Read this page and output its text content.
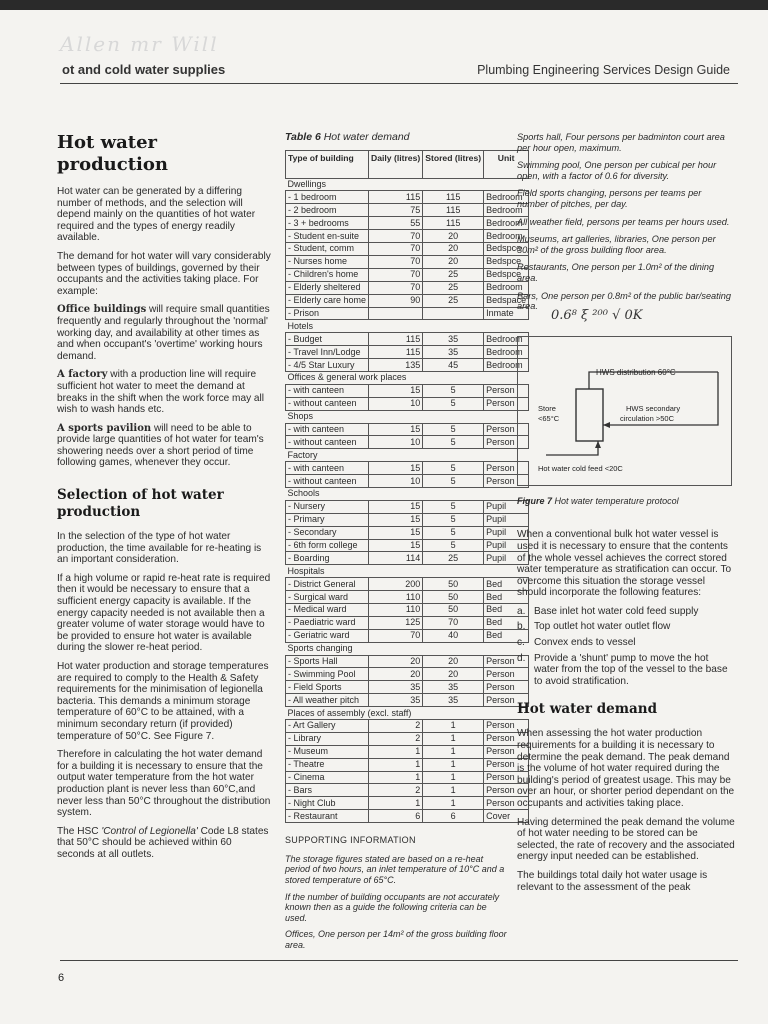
Allen mr Will
ot and cold water supplies	Plumbing Engineering Services Design Guide
Hot water production

Hot water can be generated by a differing number of methods, and the selection will depend mainly on the quantities of hot water required and the types of energy readily available.

The demand for hot water will vary considerably between types of buildings, governed by their occupants and the activities taking place. For example:

Office buildings will require small quantities frequently and regularly throughout the 'normal' working day, and availability at other times as and when occupant's 'overtime' working hours demand.

A factory with a production line will require sufficient hot water to meet the demand at breaks in the shift when the work force may all wish to wash hands etc.

A sports pavilion will need to be able to provide large quantities of hot water for team's showering needs over a short period of time following games, whenever they occur.

Selection of hot water production

In the selection of the type of hot water production, the time available for re-heating is an important consideration.

If a high volume or rapid re-heat rate is required then it would be necessary to ensure that a sufficient energy capacity is available. If the energy capacity needed is not available then a greater volume of water storage would have to be provided to ensure hot water is available during the slower re-heat period.

Hot water production and storage temperatures are required to comply to the Health & Safety requirements for the minimisation of legionella bacteria. This demands a minimum storage temperature of 60°C to be attained, with a minimum secondary return (if provided) temperature of 50°C. See Figure 7.

Therefore in calculating the hot water demand for a building it is necessary to ensure that the output water temperature from the hot water production plant is never less than 60°C,and never less than 50°C throughout the distribution system.

The HSC 'Control of Legionella' Code L8 states that 50°C should be achieved within 60 seconds at all outlets.

Table 6 Hot water demand
Type of building	Daily (litres)	Stored (litres)	Unit
Dwellings			
- 1 bedroom	115	115	Bedroom
- 2 bedroom	75	115	Bedroom
- 3 + bedrooms	55	115	Bedroom
- Student en-suite	70	20	Bedroom
- Student, comm	70	20	Bedspce
- Nurses home	70	20	Bedspce
- Children's home	70	25	Bedspce
- Elderly sheltered	70	25	Bedroom
- Elderly care home	90	25	Bedspace
- Prison			Inmate
Hotels			
- Budget	115	35	Bedroom
- Travel Inn/Lodge	115	35	Bedroom
- 4/5 Star Luxury	135	45	Bedroom
Offices & general work places			
- with canteen	15	5	Person
- without canteen	10	5	Person
Shops			
- with canteen	15	5	Person
- without canteen	10	5	Person
Factory			
- with canteen	15	5	Person
- without canteen	10	5	Person
Schools			
- Nursery	15	5	Pupil
- Primary	15	5	Pupil
- Secondary	15	5	Pupil
- 6th form college	15	5	Pupil
- Boarding	114	25	Pupil
Hospitals			
- District General	200	50	Bed
- Surgical ward	110	50	Bed
- Medical ward	110	50	Bed
- Paediatric ward	125	70	Bed
- Geriatric ward	70	40	Bed
Sports changing			
- Sports Hall	20	20	Person
- Swimming Pool	20	20	Person
- Field Sports	35	35	Person
- All weather pitch	35	35	Person
Places of assembly (excl. staff)			
- Art Gallery	2	1	Person
- Library	2	1	Person
- Museum	1	1	Person
- Theatre	1	1	Person
- Cinema	1	1	Person
- Bars	2	1	Person
- Night Club	1	1	Person
- Restaurant	6	6	Cover

SUPPORTING INFORMATION

The storage figures stated are based on a re-heat period of two hours, an inlet temperature of 10°C and a stored temperature of 65°C.

If the number of building occupants are not accurately known then as a guide the following criteria can be used.

Offices, One person per 14m² of the gross building floor area.

Sports hall, Four persons per badminton court area per hour open, maximum.

Swimming pool, One person per cubical per hour open, with a factor of 0.6 for diversity.

Field sports changing, persons per teams per number of pitches, per day.

All weather field, persons per teams per hours used.

Museums, art galleries, libraries, One person per 30m² of the gross building floor area.

Restaurants, One person per 1.0m² of the dining area.

Bars, One person per 0.8m² of the public bar/seating area.

0.6⁸ ξ ²⁰⁰ √ 0K
HWS distribution 60°C
Store
<65°C
HWS secondary
circulation >50C
Hot water cold feed <20C
Figure 7 Hot water temperature protocol

When a conventional bulk hot water vessel is used it is necessary to ensure that the contents of the whole vessel achieves the correct stored water temperature as stratification can occur. To overcome this situation the storage vessel should incorporate the following features:

a. Base inlet hot water cold feed supply
b. Top outlet hot water outlet flow
c. Convex ends to vessel
d. Provide a 'shunt' pump to move the hot water from the top of the vessel to the base to avoid stratification.
Hot water demand

When assessing the hot water production requirements for a building it is necessary to determine the peak demand. The peak demand is the volume of hot water required during the building's period of greatest usage. This may be over an hour, or shorter period dependant on the occupants and activities taking place.

Having determined the peak demand the volume of hot water needing to be stored can be selected, the rate of recovery and the associated energy input needed can be established.

The buildings total daily hot water usage is relevant to the assessment of the peak

6
